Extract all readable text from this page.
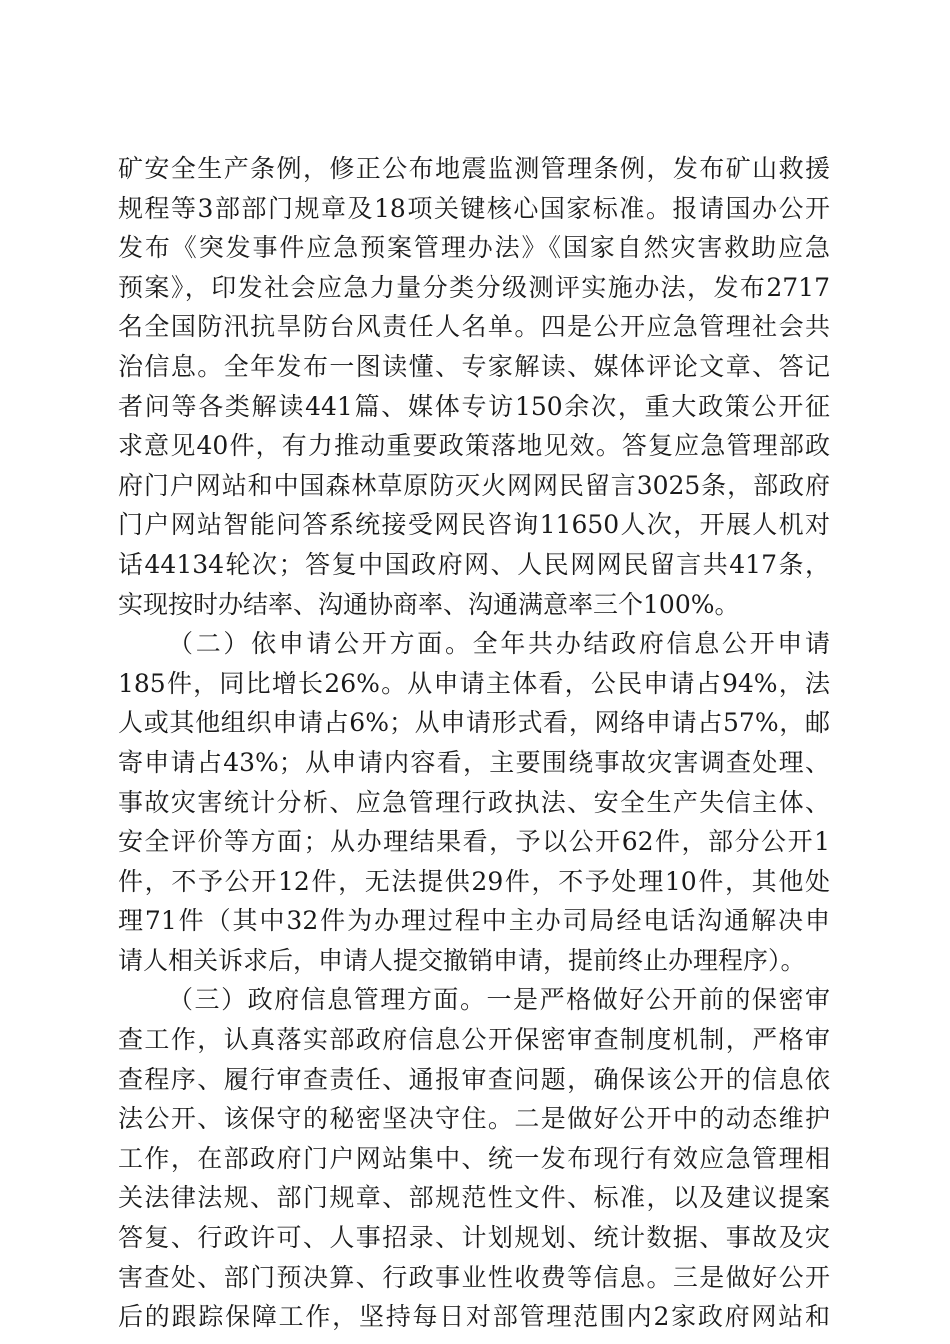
矿安全生产条例，修正公布地震监测管理条例，发布矿山救援
规程等3部部门规章及18项关键核心国家标准。报请国办公开
发布《突发事件应急预案管理办法》《国家自然灾害救助应急
预案》，印发社会应急力量分类分级测评实施办法，发布2717
名全国防汛抗旱防台风责任人名单。四是公开应急管理社会共
治信息。全年发布一图读懂、专家解读、媒体评论文章、答记
者问等各类解读441篇、媒体专访150余次，重大政策公开征
求意见40件，有力推动重要政策落地见效。答复应急管理部政
府门户网站和中国森林草原防灭火网网民留言3025条，部政府
门户网站智能问答系统接受网民咨询11650人次，开展人机对
话44134轮次；答复中国政府网、人民网网民留言共417条，
实现按时办结率、沟通协商率、沟通满意率三个100%。
（二）依申请公开方面。全年共办结政府信息公开申请
185件，同比增长26%。从申请主体看，公民申请占94%，法
人或其他组织申请占6%；从申请形式看，网络申请占57%，邮
寄申请占43%；从申请内容看，主要围绕事故灾害调查处理、
事故灾害统计分析、应急管理行政执法、安全生产失信主体、
安全评价等方面；从办理结果看，予以公开62件，部分公开1
件，不予公开12件，无法提供29件，不予处理10件，其他处
理71件（其中32件为办理过程中主办司局经电话沟通解决申
请人相关诉求后，申请人提交撤销申请，提前终止办理程序）。
（三）政府信息管理方面。一是严格做好公开前的保密审
查工作，认真落实部政府信息公开保密审查制度机制，严格审
查程序、履行审查责任、通报审查问题，确保该公开的信息依
法公开、该保守的秘密坚决守住。二是做好公开中的动态维护
工作，在部政府门户网站集中、统一发布现行有效应急管理相
关法律法规、部门规章、部规范性文件、标准，以及建议提案
答复、行政许可、人事招录、计划规划、统计数据、事故及灾
害查处、部门预决算、行政事业性收费等信息。三是做好公开
后的跟踪保障工作，坚持每日对部管理范围内2家政府网站和
